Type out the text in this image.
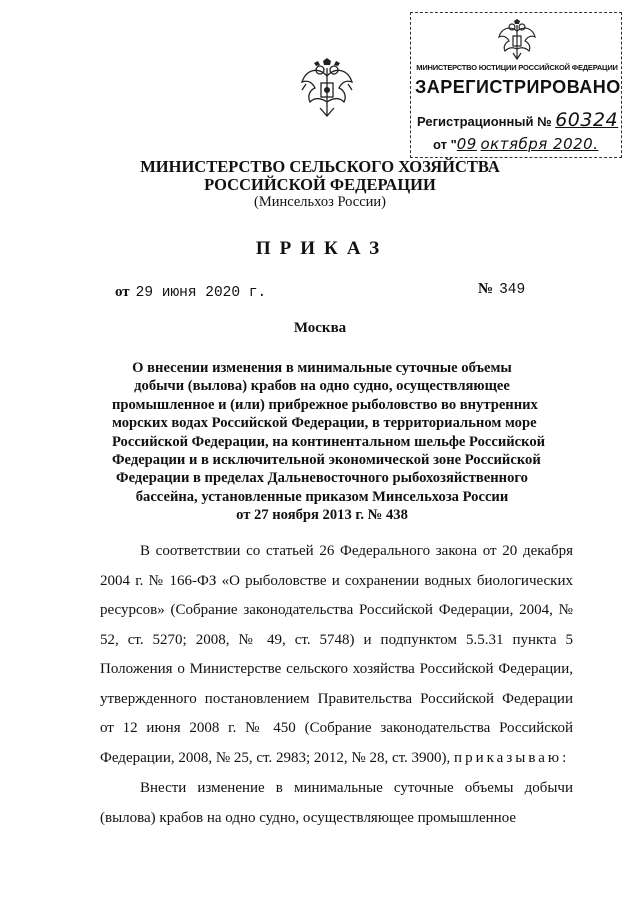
МИНИСТЕРСТВО ЮСТИЦИИ РОССИЙСКОЙ ФЕДЕРАЦИИ
ЗАРЕГИСТРИРОВАНО
Регистрационный № 60324
от "09 октября 2020.
МИНИСТЕРСТВО СЕЛЬСКОГО ХОЗЯЙСТВА
РОССИЙСКОЙ ФЕДЕРАЦИИ
(Минсельхоз России)
ПРИКАЗ
от 29 июня 2020 г.	№ 349
Москва
О внесении изменения в минимальные суточные объемы
добычи (вылова) крабов на одно судно, осуществляющее
промышленное и (или) прибрежное рыболовство во внутренних
морских водах Российской Федерации, в территориальном море
Российской Федерации, на континентальном шельфе Российской
Федерации и в исключительной экономической зоне Российской
Федерации в пределах Дальневосточного рыбохозяйственного
бассейна, установленные приказом Минсельхоза России
от 27 ноября 2013 г. № 438

В соответствии со статьей 26 Федерального закона от 20 декабря 2004 г. № 166-ФЗ «О рыболовстве и сохранении водных биологических ресурсов» (Собрание законодательства Российской Федерации, 2004, № 52, ст. 5270; 2008, № 49, ст. 5748) и подпунктом 5.5.31 пункта 5 Положения о Министерстве сельского хозяйства Российской Федерации, утвержденного постановлением Правительства Российской Федерации от 12 июня 2008 г. № 450 (Собрание законодательства Российской Федерации, 2008, № 25, ст. 2983; 2012, № 28, ст. 3900), приказываю:

Внести изменение в минимальные суточные объемы добычи (вылова) крабов на одно судно, осуществляющее промышленное
